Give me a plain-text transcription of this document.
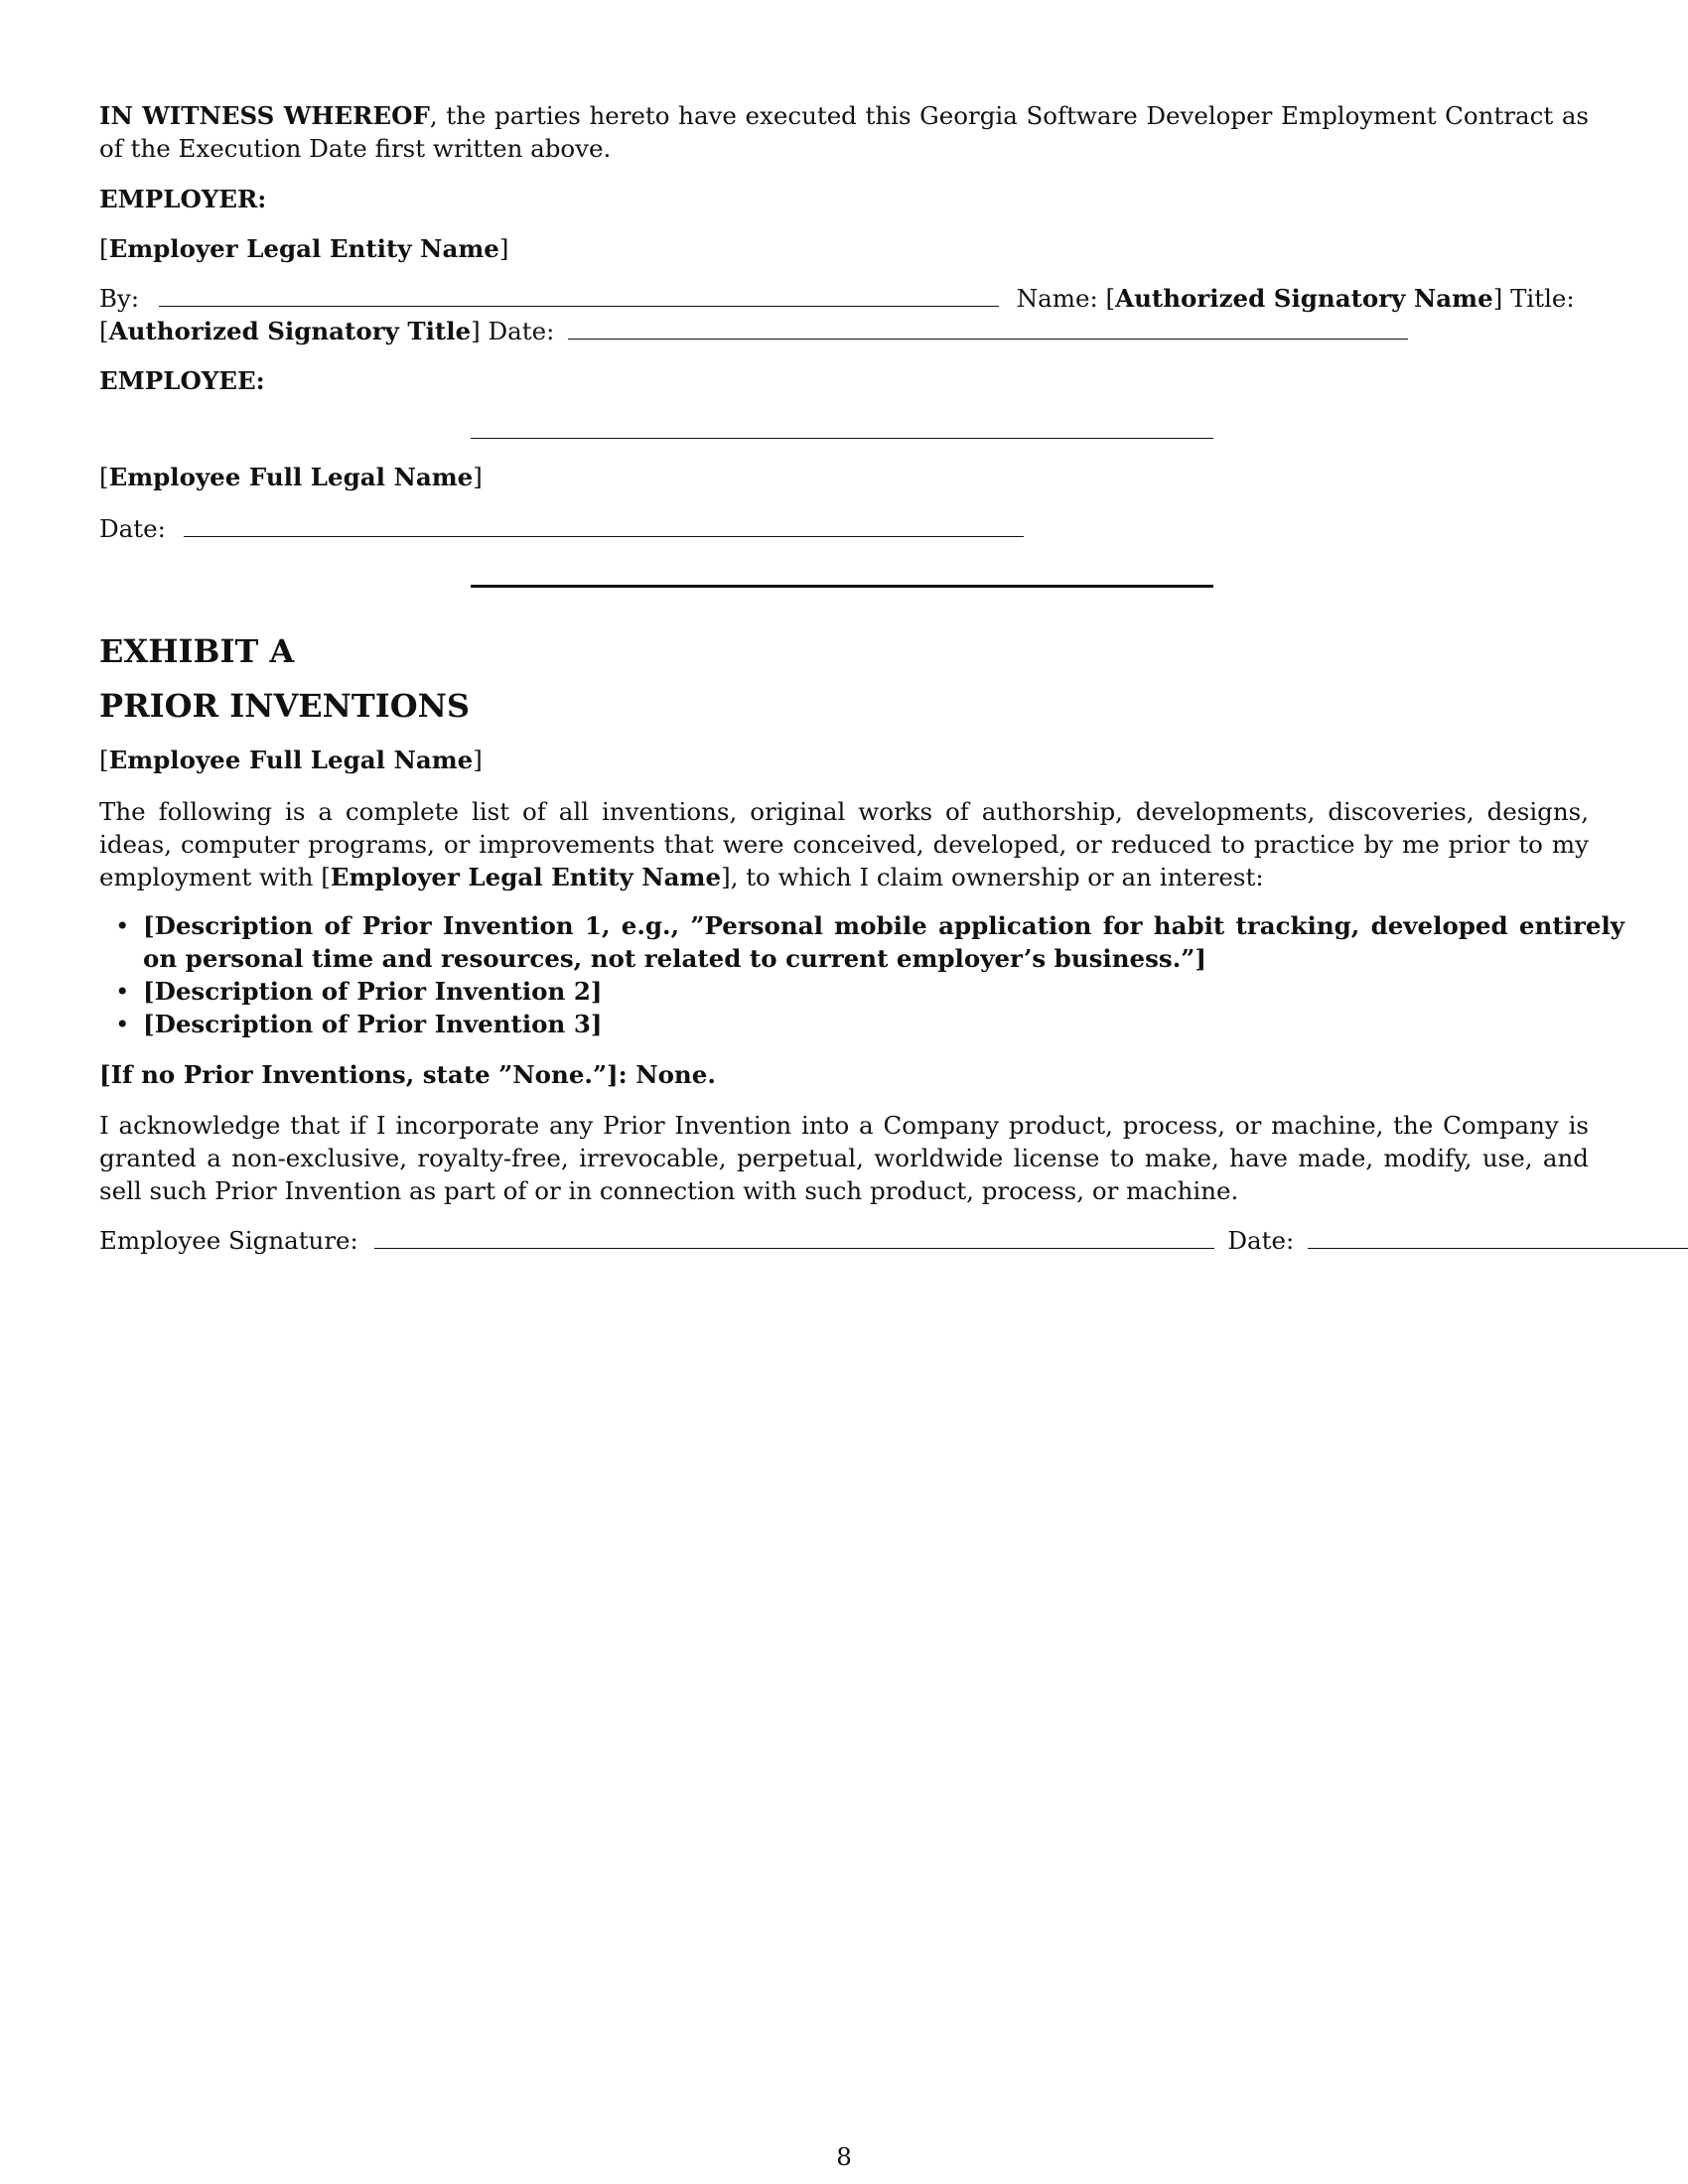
IN WITNESS WHEREOF, the parties hereto have executed this Georgia Software Developer Employment Contract as of the Execution Date first written above.
EMPLOYER:
[Employer Legal Entity Name]
By:	Name: [Authorized Signatory Name] Title:
[Authorized Signatory Title] Date:
EMPLOYEE:
[Employee Full Legal Name]
Date:
EXHIBIT A
PRIOR INVENTIONS
[Employee Full Legal Name]
The following is a complete list of all inventions, original works of authorship, developments, discoveries, designs, ideas, computer programs, or improvements that were conceived, developed, or reduced to practice by me prior to my employment with [Employer Legal Entity Name], to which I claim ownership or an interest:
• [Description of Prior Invention 1, e.g., ”Personal mobile application for habit tracking, developed entirely on personal time and resources, not related to current employer’s business.”]
• [Description of Prior Invention 2]
• [Description of Prior Invention 3]
[If no Prior Inventions, state ”None.”]: None.
I acknowledge that if I incorporate any Prior Invention into a Company product, process, or machine, the Company is granted a non-exclusive, royalty-free, irrevocable, perpetual, worldwide license to make, have made, modify, use, and sell such Prior Invention as part of or in connection with such product, process, or machine.
Employee Signature:	Date:
8
